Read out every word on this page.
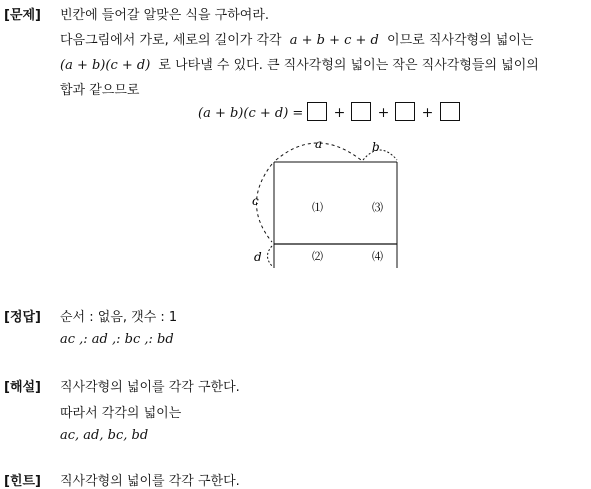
[문제] 빈칸에 들어갈 알맞은 식을 구하여라.
다음그림에서 가로, 세로의 길이가 각각 a + b + c + d 이므로 직사각형의 넓이는
(a + b)(c + d) 로 나타낼 수 있다. 큰 직사각형의 넓이는 작은 직사각형들의 넓이의
합과 같으므로
(a + b)(c + d) = + + +
a	b
c
d
⑴	⑶
⑵	⑷
[정답] 순서 : 없음, 갯수 : 1
ac ,: ad ,: bc ,: bd
[해설] 직사각형의 넓이를 각각 구한다.
따라서 각각의 넓이는
ac, ad, bc, bd
[힌트] 직사각형의 넓이를 각각 구한다.
